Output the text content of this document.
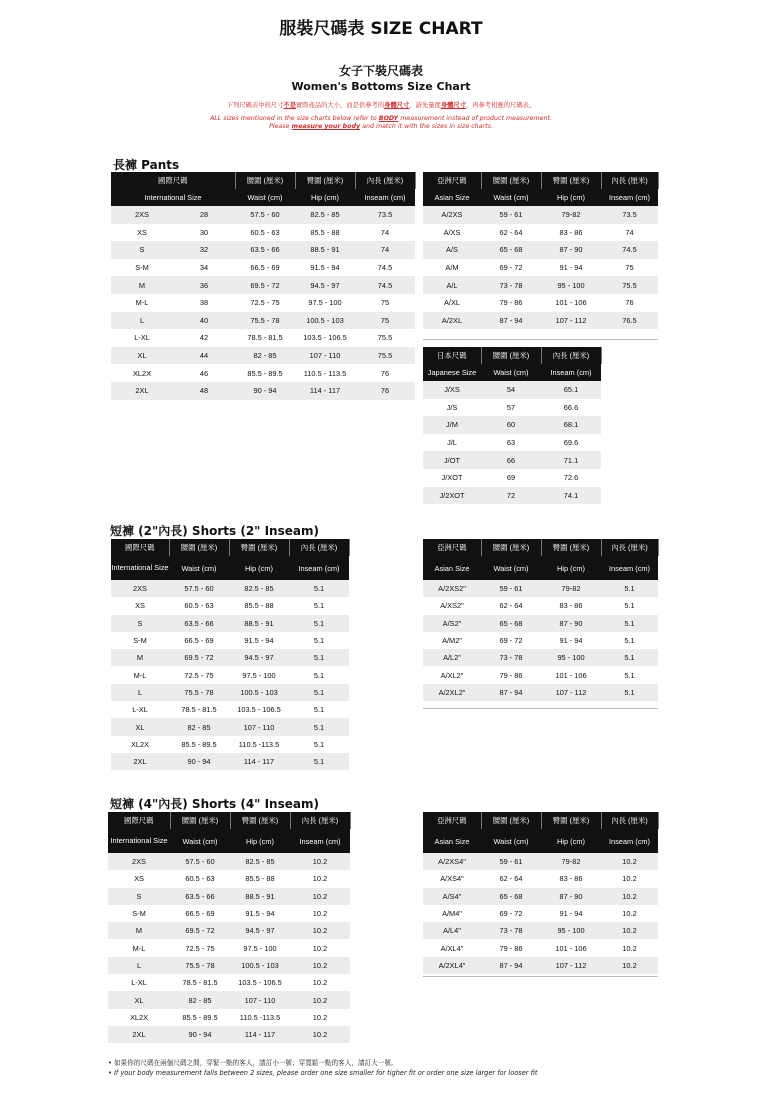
服裝尺碼表 SIZE CHART
女子下裝尺碼表
Women's Bottoms Size Chart
下列尺碼表中的尺寸不是實際產品的大小，而是供參考的身體尺寸，請先量度身體尺寸，再參考相應的尺碼表。
ALL sizes mentioned in the size charts below refer to BODY measurement instead of product measurement.
Please measure your body and match it with the sizes in size charts.
長褲 Pants
短褲 (2"內長) Shorts (2" Inseam)
短褲 (4"內長) Shorts (4" Inseam)
國際尺碼		腰圍 (厘米)	臀圍 (厘米)	內長 (厘米)
International Size		Waist (cm)	Hip (cm)	Inseam (cm)
2XS	28	57.5 - 60	82.5 - 85	73.5
XS	30	60.5 - 63	85.5 - 88	74
S	32	63.5 - 66	88.5 - 91	74
S-M	34	66.5 - 69	91.5 - 94	74.5
M	36	69.5 - 72	94.5 - 97	74.5
M-L	38	72.5 - 75	97.5 - 100	75
L	40	75.5 - 78	100.5 - 103	75
L-XL	42	78.5 - 81.5	103.5 - 106.5	75.5
XL	44	82 - 85	107 - 110	75.5
XL2X	46	85.5 - 89.5	110.5 - 113.5	76
2XL	48	90 - 94	114 - 117	76
亞洲尺碼	腰圍 (厘米)	臀圍 (厘米)	內長 (厘米)
Asian Size	Waist (cm)	Hip (cm)	Inseam (cm)
A/2XS	59 - 61	79-82	73.5
A/XS	62 - 64	83 - 86	74
A/S	65 - 68	87 - 90	74.5
A/M	69 - 72	91 - 94	75
A/L	73 - 78	95 - 100	75.5
A/XL	79 - 86	101 - 106	76
A/2XL	87 - 94	107 - 112	76.5
日本尺碼	腰圍 (厘米)	內長 (厘米)
Japanese Size	Waist (cm)	Inseam (cm)
J/XS	54	65.1
J/S	57	66.6
J/M	60	68.1
J/L	63	69.6
J/OT	66	71.1
J/XOT	69	72.6
J/2XOT	72	74.1
國際尺碼	腰圍 (厘米)	臀圍 (厘米)	內長 (厘米)
International Size	Waist (cm)	Hip (cm)	Inseam (cm)
2XS	57.5 - 60	82.5 - 85	5.1
XS	60.5 - 63	85.5 - 88	5.1
S	63.5 - 66	88.5 - 91	5.1
S-M	66.5 - 69	91.5 - 94	5.1
M	69.5 - 72	94.5 - 97	5.1
M-L	72.5 - 75	97.5 - 100	5.1
L	75.5 - 78	100.5 - 103	5.1
L-XL	78.5 - 81.5	103.5 - 106.5	5.1
XL	82 - 85	107 - 110	5.1
XL2X	85.5 - 89.5	110.5 -113.5	5.1
2XL	90 - 94	114 - 117	5.1
亞洲尺碼	腰圍 (厘米)	臀圍 (厘米)	內長 (厘米)
Asian Size	Waist (cm)	Hip (cm)	Inseam (cm)
A/2XS2"	59 - 61	79-82	5.1
A/XS2"	62 - 64	83 - 86	5.1
A/S2"	65 - 68	87 - 90	5.1
A/M2"	69 - 72	91 - 94	5.1
A/L2"	73 - 78	95 - 100	5.1
A/XL2"	79 - 86	101 - 106	5.1
A/2XL2"	87 - 94	107 - 112	5.1
國際尺碼	腰圍 (厘米)	臀圍 (厘米)	內長 (厘米)
International Size	Waist (cm)	Hip (cm)	Inseam (cm)
2XS	57.5 - 60	82.5 - 85	10.2
XS	60.5 - 63	85.5 - 88	10.2
S	63.5 - 66	88.5 - 91	10.2
S-M	66.5 - 69	91.5 - 94	10.2
M	69.5 - 72	94.5 - 97	10.2
M-L	72.5 - 75	97.5 - 100	10.2
L	75.5 - 78	100.5 - 103	10.2
L-XL	78.5 - 81.5	103.5 - 106.5	10.2
XL	82 - 85	107 - 110	10.2
XL2X	85.5 - 89.5	110.5 -113.5	10.2
2XL	90 - 94	114 - 117	10.2
亞洲尺碼	腰圍 (厘米)	臀圍 (厘米)	內長 (厘米)
Asian Size	Waist (cm)	Hip (cm)	Inseam (cm)
A/2XS4"	59 - 61	79-82	10.2
A/XS4"	62 - 64	83 - 86	10.2
A/S4"	65 - 68	87 - 90	10.2
A/M4"	69 - 72	91 - 94	10.2
A/L4"	73 - 78	95 - 100	10.2
A/XL4"	79 - 86	101 - 106	10.2
A/2XL4"	87 - 94	107 - 112	10.2
• 如果你的尺碼在兩個尺碼之間，穿緊一點的客人，請訂小一號；穿寬鬆一點的客人，請訂大一號。
• If your body measurement falls between 2 sizes, please order one size smaller for tigher fit or order one size larger for looser fit
